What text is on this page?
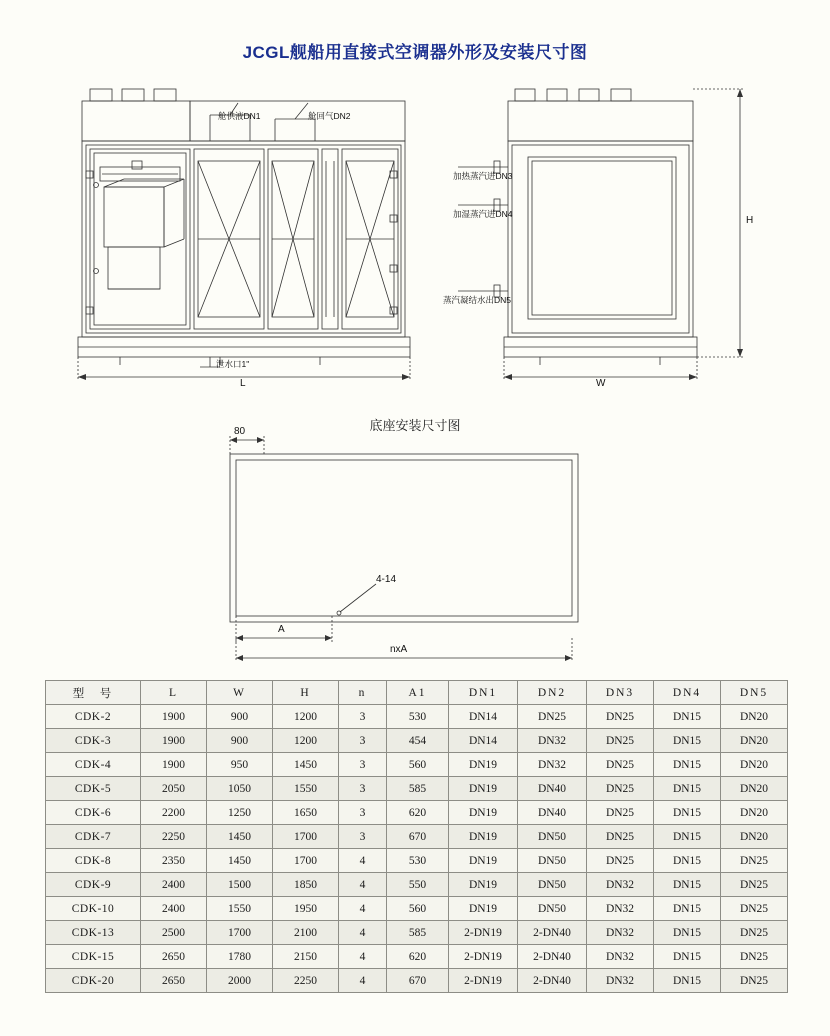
JCGL舰船用直接式空调器外形及安装尺寸图
舱供液DN1	舱回气DN2
加热蒸汽进DN3
加湿蒸汽进DN4
蒸汽凝结水出DN5
泄水口1"
L	W
H
底座安装尺寸图
80
4-14
A
nxA
型　号	L	W	H	n	A1	DN1	DN2	DN3	DN4	DN5
CDK-2	1900	900	1200	3	530	DN14	DN25	DN25	DN15	DN20
CDK-3	1900	900	1200	3	454	DN14	DN32	DN25	DN15	DN20
CDK-4	1900	950	1450	3	560	DN19	DN32	DN25	DN15	DN20
CDK-5	2050	1050	1550	3	585	DN19	DN40	DN25	DN15	DN20
CDK-6	2200	1250	1650	3	620	DN19	DN40	DN25	DN15	DN20
CDK-7	2250	1450	1700	3	670	DN19	DN50	DN25	DN15	DN20
CDK-8	2350	1450	1700	4	530	DN19	DN50	DN25	DN15	DN25
CDK-9	2400	1500	1850	4	550	DN19	DN50	DN32	DN15	DN25
CDK-10	2400	1550	1950	4	560	DN19	DN50	DN32	DN15	DN25
CDK-13	2500	1700	2100	4	585	2-DN19	2-DN40	DN32	DN15	DN25
CDK-15	2650	1780	2150	4	620	2-DN19	2-DN40	DN32	DN15	DN25
CDK-20	2650	2000	2250	4	670	2-DN19	2-DN40	DN32	DN15	DN25
